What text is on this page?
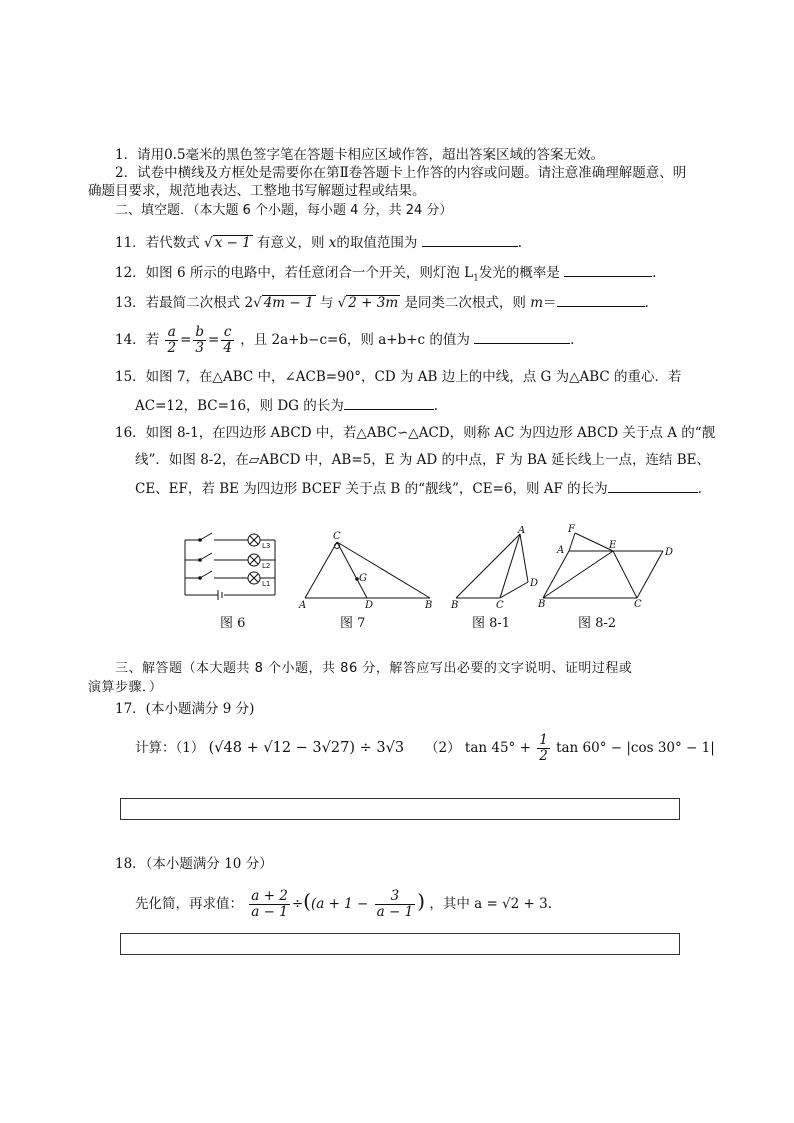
1．请用0.5毫米的黑色签字笔在答题卡相应区域作答，超出答案区域的答案无效。
2．试卷中横线及方框处是需要你在第Ⅱ卷答题卡上作答的内容或问题。请注意准确理解题意、明
确题目要求，规范地表达、工整地书写解题过程或结果。
二、填空题．（本大题 6 个小题，每小题 4 分，共 24 分）
11．若代数式 √ x − 1 有意义，则 x的取值范围为	.
12．如图 6 所示的电路中，若任意闭合一个开关，则灯泡 $L_1$发光的概率是	.
13．若最简二次根式 2√ 4m − 1 与 √ 2 + 3m 是同类二次根式，则 m＝	.
14．若 $\frac{a}{2} = \frac{b}{3} = \frac{c}{4}$ ，且 2a+b−c=6，则 a+b+c 的值为	.
15．如图 7，在△ABC 中，∠ACB=90°，CD 为 AB 边上的中线，点 G 为△ABC 的重心．若
AC=12，BC=16，则 DG 的长为	.
16．如图 8-1，在四边形 ABCD 中，若△ABC∽△ACD，则称 AC 为四边形 ABCD 关于点 A 的“靓
线”．如图 8-2，在▱ABCD 中，AB=5，E 为 AD 的中点，F 为 BA 延长线上一点，连结 BE、
CE、EF，若 BE 为四边形 BCEF 关于点 B 的“靓线”，CE=6，则 AF 的长为	.
L3
L2
L1
C
G
A	D	B
A
D
B	C
F
A	E
D
B	C
图 6	图 7	图 8-1	图 8-2
三、解答题（本大题共 8 个小题，共 86 分，解答应写出必要的文字说明、证明过程或
演算步骤．）
17．(本小题满分 9 分)
计算：（1） (√48 + √12 − 3√27) ÷ 3√3 （2） $\tan 45^\circ + \frac{1}{2}$ tan 60° − |cos 30° − 1|
18．（本小题满分 10 分）
先化简，再求值： $\frac{a + 2}{a - 1} \div((a + 1 - \frac{3}{a - 1}$ ) ，其中 a = √2 + 3.
